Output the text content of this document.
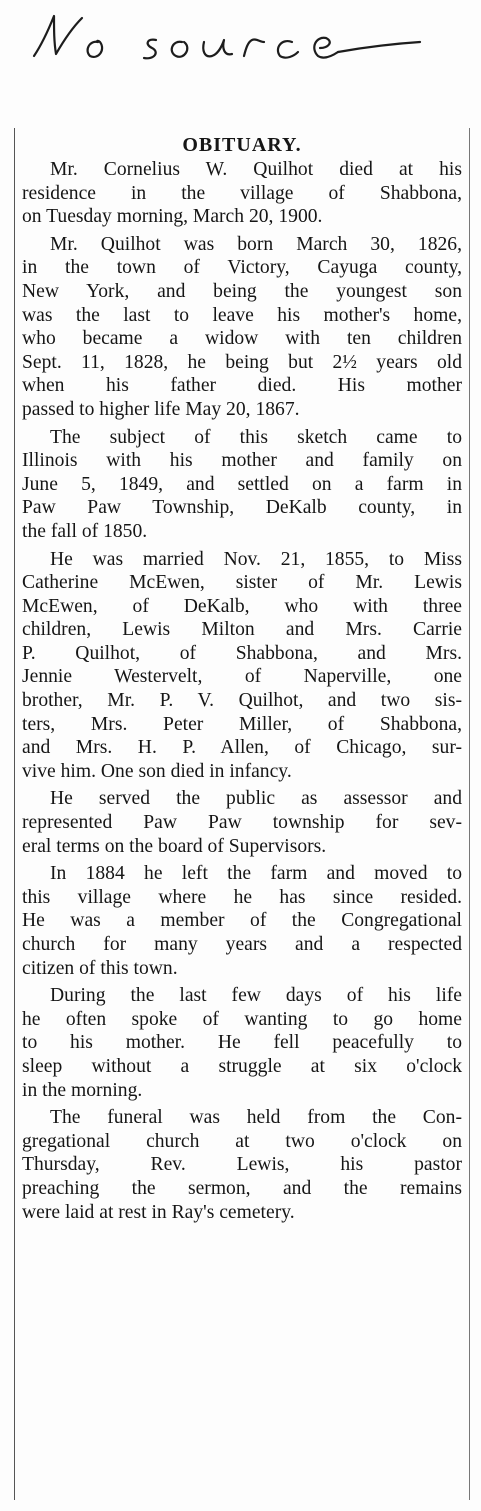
OBITUARY.
Mr. Cornelius W. Quilhot died at his
residence in the village of Shabbona,
on Tuesday morning, March 20, 1900.
Mr. Quilhot was born March 30, 1826,
in the town of Victory, Cayuga county,
New York, and being the youngest son
was the last to leave his mother's home,
who became a widow with ten children
Sept. 11, 1828, he being but 2½ years old
when his father died. His mother
passed to higher life May 20, 1867.
The subject of this sketch came to
Illinois with his mother and family on
June 5, 1849, and settled on a farm in
Paw Paw Township, DeKalb county, in
the fall of 1850.
He was married Nov. 21, 1855, to Miss
Catherine McEwen, sister of Mr. Lewis
McEwen, of DeKalb, who with three
children, Lewis Milton and Mrs. Carrie
P. Quilhot, of Shabbona, and Mrs.
Jennie Westervelt, of Naperville, one
brother, Mr. P. V. Quilhot, and two sis-
ters, Mrs. Peter Miller, of Shabbona,
and Mrs. H. P. Allen, of Chicago, sur-
vive him. One son died in infancy.
He served the public as assessor and
represented Paw Paw township for sev-
eral terms on the board of Supervisors.
In 1884 he left the farm and moved to
this village where he has since resided.
He was a member of the Congregational
church for many years and a respected
citizen of this town.
During the last few days of his life
he often spoke of wanting to go home
to his mother. He fell peacefully to
sleep without a struggle at six o'clock
in the morning.
The funeral was held from the Con-
gregational church at two o'clock on
Thursday, Rev. Lewis, his pastor
preaching the sermon, and the remains
were laid at rest in Ray's cemetery.
